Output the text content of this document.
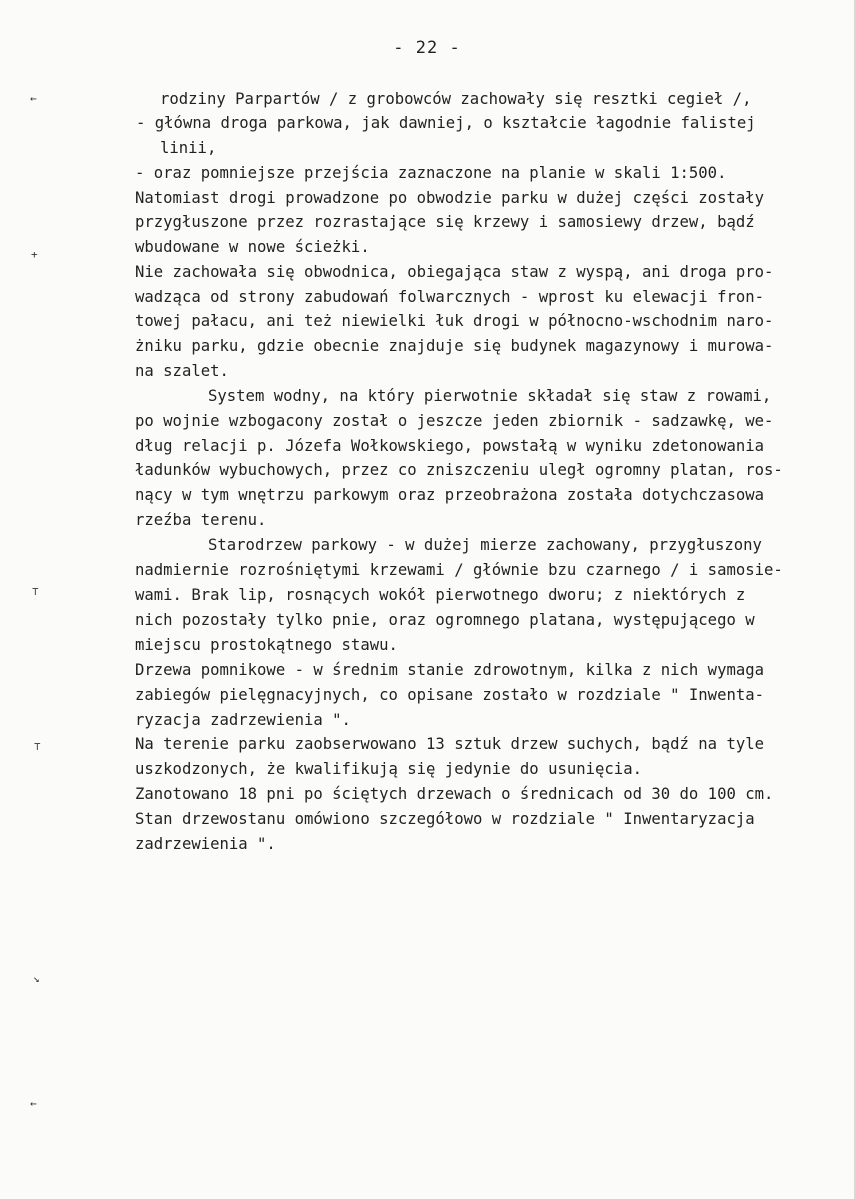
- 22 -
←
+
⊤
⊤
↘
←
rodziny Parpartów / z grobowców zachowały się resztki cegieł /,
- główna droga parkowa, jak dawniej, o kształcie łagodnie falistej
linii,
- oraz pomniejsze przejścia zaznaczone na planie w skali 1:500.
Natomiast drogi prowadzone po obwodzie parku w dużej części zostały
przygłuszone przez rozrastające się krzewy i samosiewy drzew, bądź
wbudowane w nowe ścieżki.
Nie zachowała się obwodnica, obiegająca staw z wyspą, ani droga pro-
wadząca od strony zabudowań folwarcznych - wprost ku elewacji fron-
towej pałacu, ani też niewielki łuk drogi w północno-wschodnim naro-
żniku parku, gdzie obecnie znajduje się budynek magazynowy i murowa-
na szalet.
System wodny, na który pierwotnie składał się staw z rowami,
po wojnie wzbogacony został o jeszcze jeden zbiornik - sadzawkę, we-
dług relacji p. Józefa Wołkowskiego, powstałą w wyniku zdetonowania
ładunków wybuchowych, przez co zniszczeniu uległ ogromny platan, ros-
nący w tym wnętrzu parkowym oraz przeobrażona została dotychczasowa
rzeźba terenu.
Starodrzew parkowy - w dużej mierze zachowany, przygłuszony
nadmiernie rozrośniętymi krzewami / głównie bzu czarnego / i samosie-
wami. Brak lip, rosnących wokół pierwotnego dworu; z niektórych z
nich pozostały tylko pnie, oraz ogromnego platana, występującego w
miejscu prostokątnego stawu.
Drzewa pomnikowe - w średnim stanie zdrowotnym, kilka z nich wymaga
zabiegów pielęgnacyjnych, co opisane zostało w rozdziale " Inwenta-
ryzacja zadrzewienia ".
Na terenie parku zaobserwowano 13 sztuk drzew suchych, bądź na tyle
uszkodzonych, że kwalifikują się jedynie do usunięcia.
Zanotowano 18 pni po ściętych drzewach o średnicach od 30 do 100 cm.
Stan drzewostanu omówiono szczegółowo w rozdziale " Inwentaryzacja
zadrzewienia ".
